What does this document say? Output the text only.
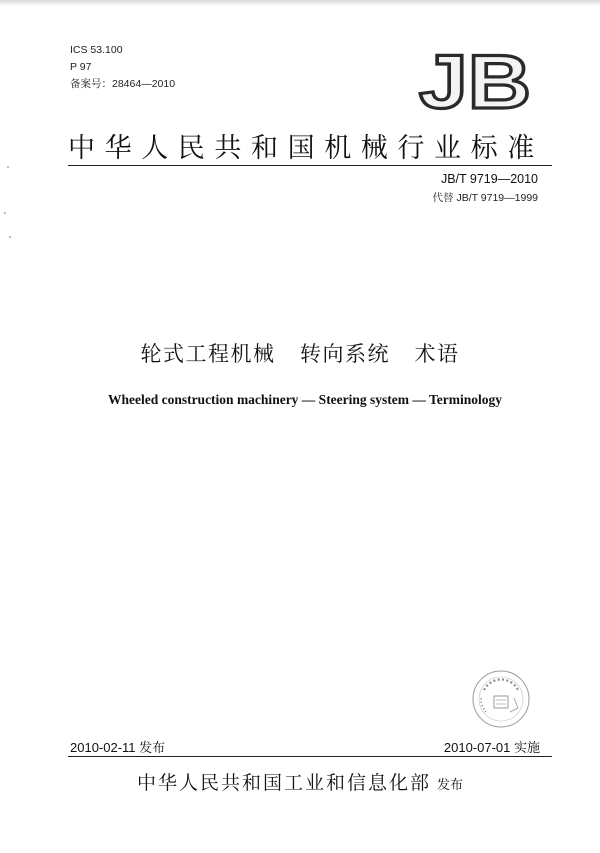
ICS 53.100
P 97
备案号：28464—2010	JB
中华人民共和国机械行业标准
JB/T 9719—2010
代替 JB/T 9719—1999
轮式工程机械   转向系统   术语
Wheeled construction machinery — Steering system — Terminology
2010-02-11 发布	2010-07-01 实施
中华人民共和国工业和信息化部 发布
